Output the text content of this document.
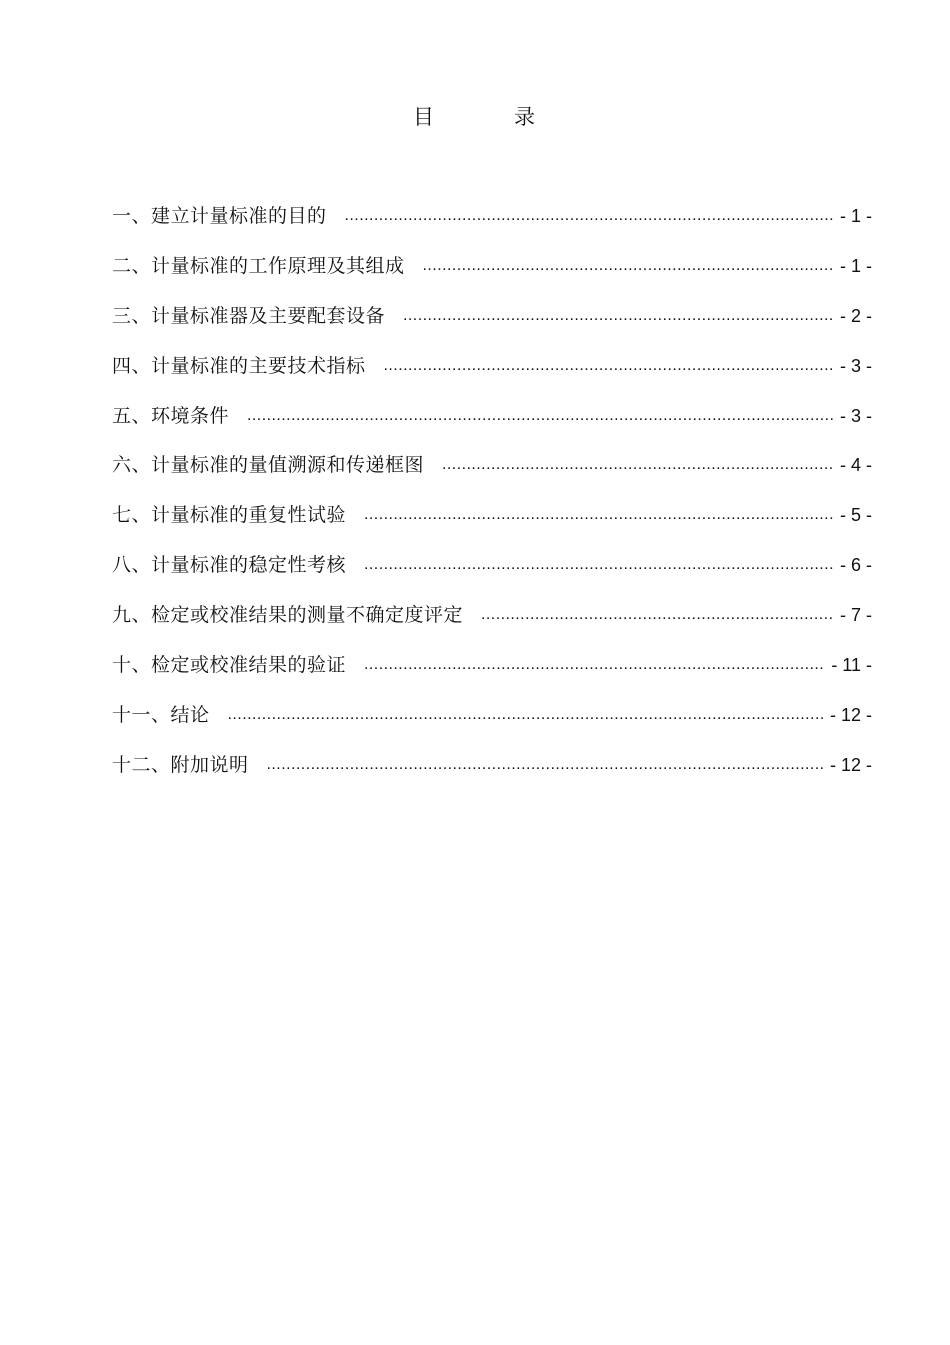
目	录
一、建立计量标准的目的 .....	- 1 -
二、计量标准的工作原理及其组成 .....	- 1 -
三、计量标准器及主要配套设备 .....	- 2 -
四、计量标准的主要技术指标 .....	- 3 -
五、环境条件 .....	- 3 -
六、计量标准的量值溯源和传递框图 .....	- 4 -
七、计量标准的重复性试验 .....	- 5 -
八、计量标准的稳定性考核 .....	- 6 -
九、检定或校准结果的测量不确定度评定 .....	- 7 -
十、检定或校准结果的验证 .....	- 11 -
十一、结论 .....	- 12 -
十二、附加说明 .....	- 12 -
